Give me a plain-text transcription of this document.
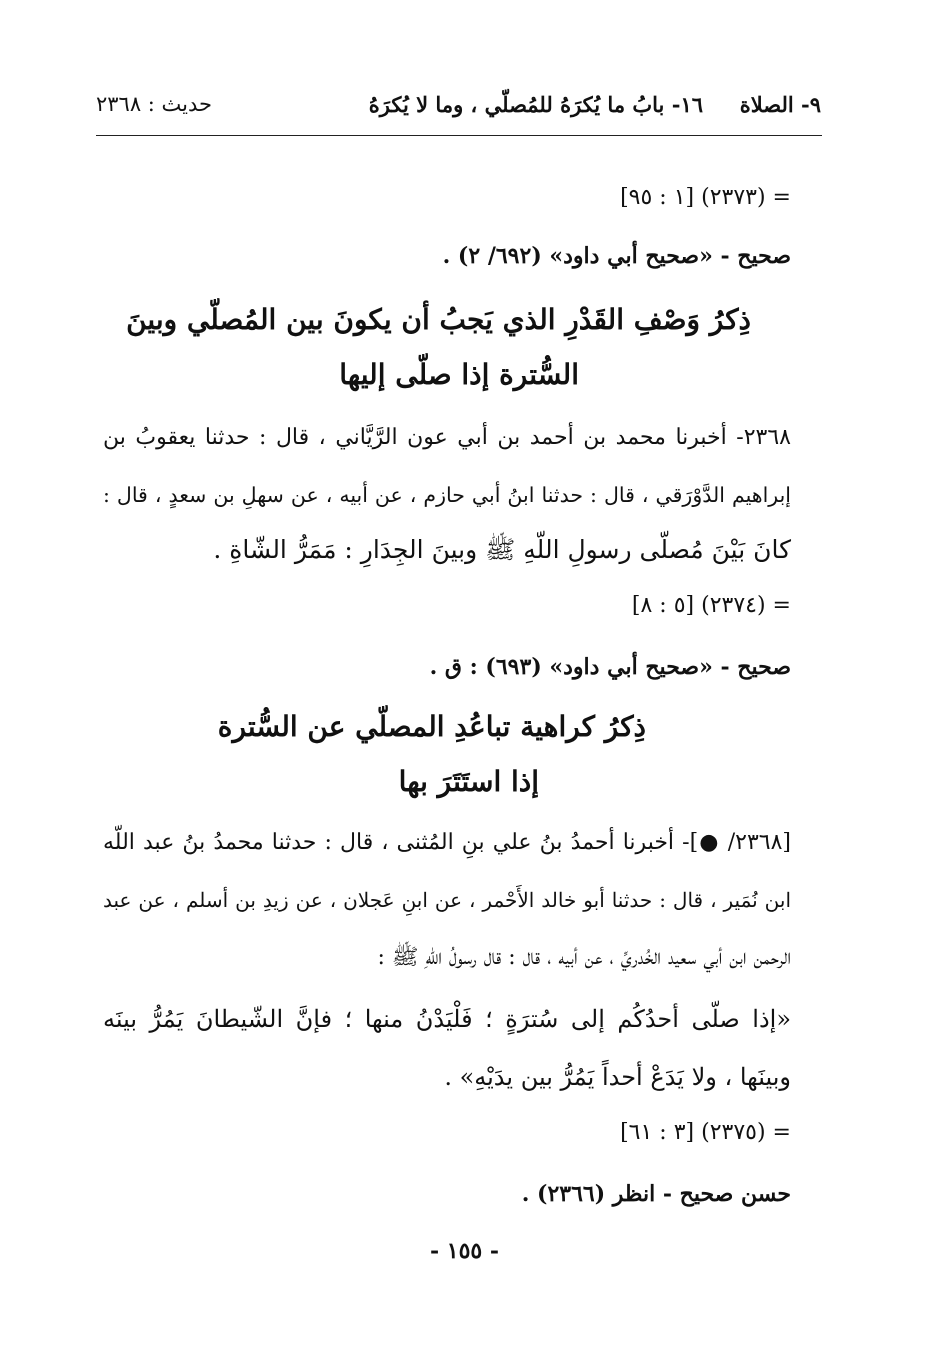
٩- الصلاة
١٦- بابُ ما يُكرَهُ للمُصلّي ، وما لا يُكرَهُ
حديث : ٢٣٦٨
= (٢٣٧٣) [١ : ٩٥]
صحيح - «صحيح أبي داود» (٦٩٢/ ٢) .
ذِكرُ وَصْفِ القَدْرِ الذي يَجبُ أن يكونَ بين المُصلّي وبينَ
السُّترة إذا صلّى إليها
٢٣٦٨- أخبرنا محمد بن أحمد بن أبي عون الرَّيَّاني ، قال : حدثنا يعقوبُ بن
إبراهيم الدَّوْرَقي ، قال : حدثنا ابنُ أبي حازم ، عن أبيه ، عن سهلِ بن سعدٍ ، قال :
كانَ بَيْنَ مُصلّى رسولِ اللّهِ ﷺ وبينَ الجِدَارِ : مَمَرُّ الشّاةِ .
= (٢٣٧٤) [٥ : ٨]
صحيح - «صحيح أبي داود» (٦٩٣) : ق .
ذِكرُ كراهية تباعُدِ المصلّي عن السُّترة
إذا استَتَرَ بها
[٢٣٦٨/ ●]- أخبرنا أحمدُ بنُ علي بنِ المُثنى ، قال : حدثنا محمدُ بنُ عبد اللّه
ابن نُمَير ، قال : حدثنا أبو خالد الأَحْمر ، عن ابنِ عَجلان ، عن زيدِ بن أسلم ، عن عبد
الرحمن ابن أبي سعيد الخُدريِّ ، عن أبيه ، قال : قال رسولُ اللّهِ ﷺ :
«إذا صلّى أحدُكُم إلى سُترَةٍ ؛ فَلْيَدْنُ منها ؛ فإنَّ الشّيطانَ يَمُرُّ بينَه
وبينَها ، ولا يَدَعْ أحداً يَمُرُّ بين يدَيْهِ» .
= (٢٣٧٥) [٣ : ٦١]
حسن صحيح - انظر (٢٣٦٦) .
- ١٥٥ -
